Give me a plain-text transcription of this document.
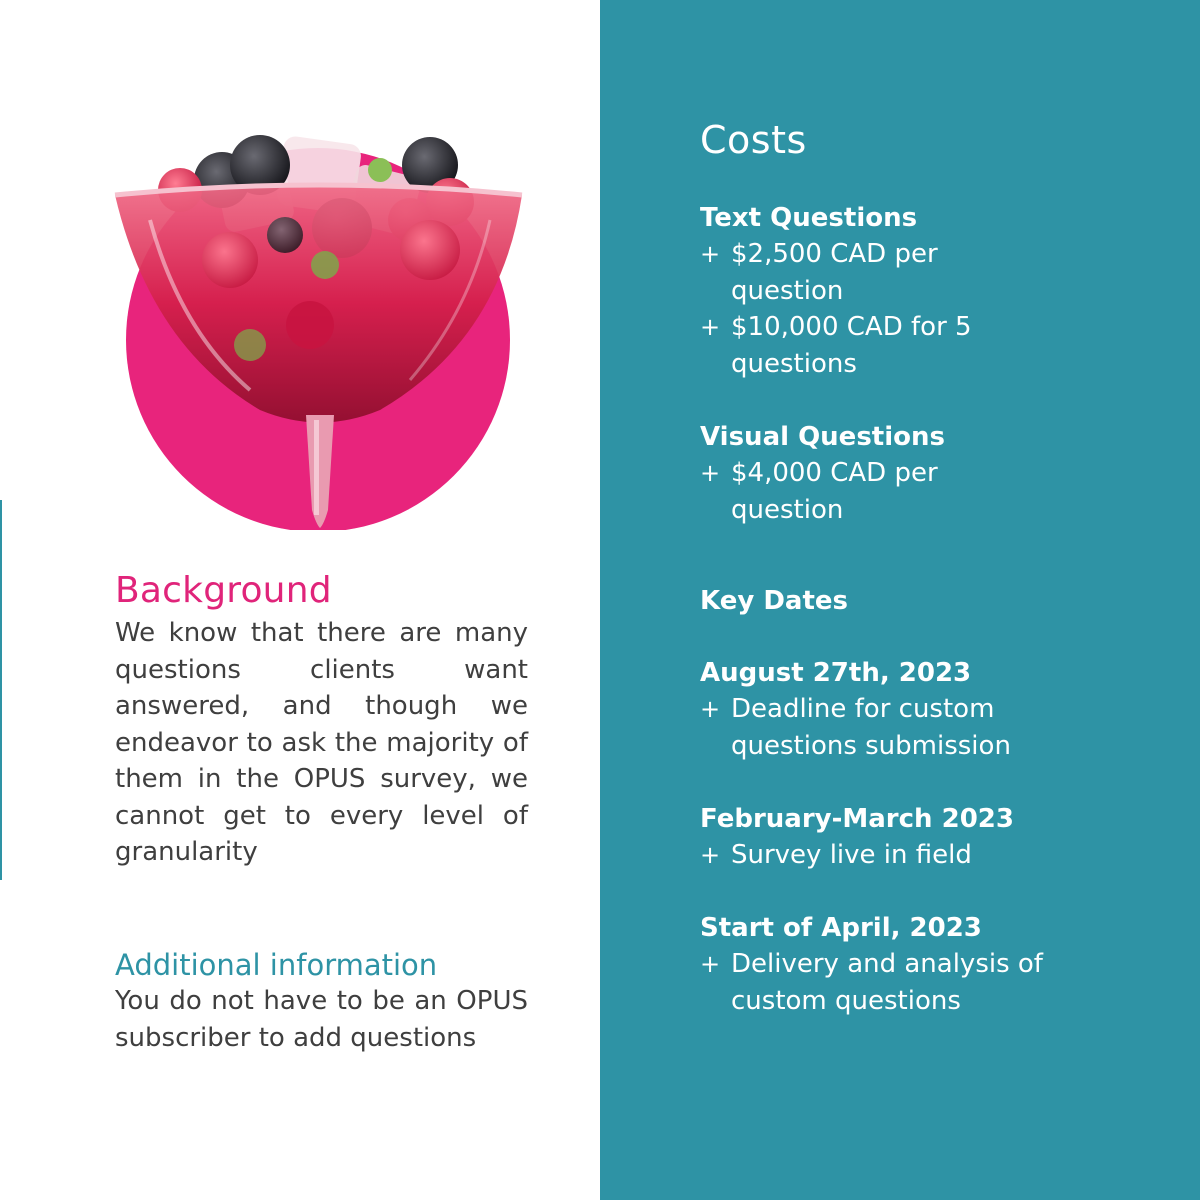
Background

We know that there are many questions clients want answered, and though we endeavor to ask the majority of them in the OPUS survey, we cannot get to every level of granularity

Additional information

You do not have to be an OPUS subscriber to add questions

Costs
Text Questions
+ $2,500 CAD per question
+ $10,000 CAD for 5 questions
Visual Questions
+ $4,000 CAD per question
Key Dates
August 27th, 2023
+ Deadline for custom questions submission
February-March 2023
+ Survey live in field
Start of April, 2023
+ Delivery and analysis of custom questions
